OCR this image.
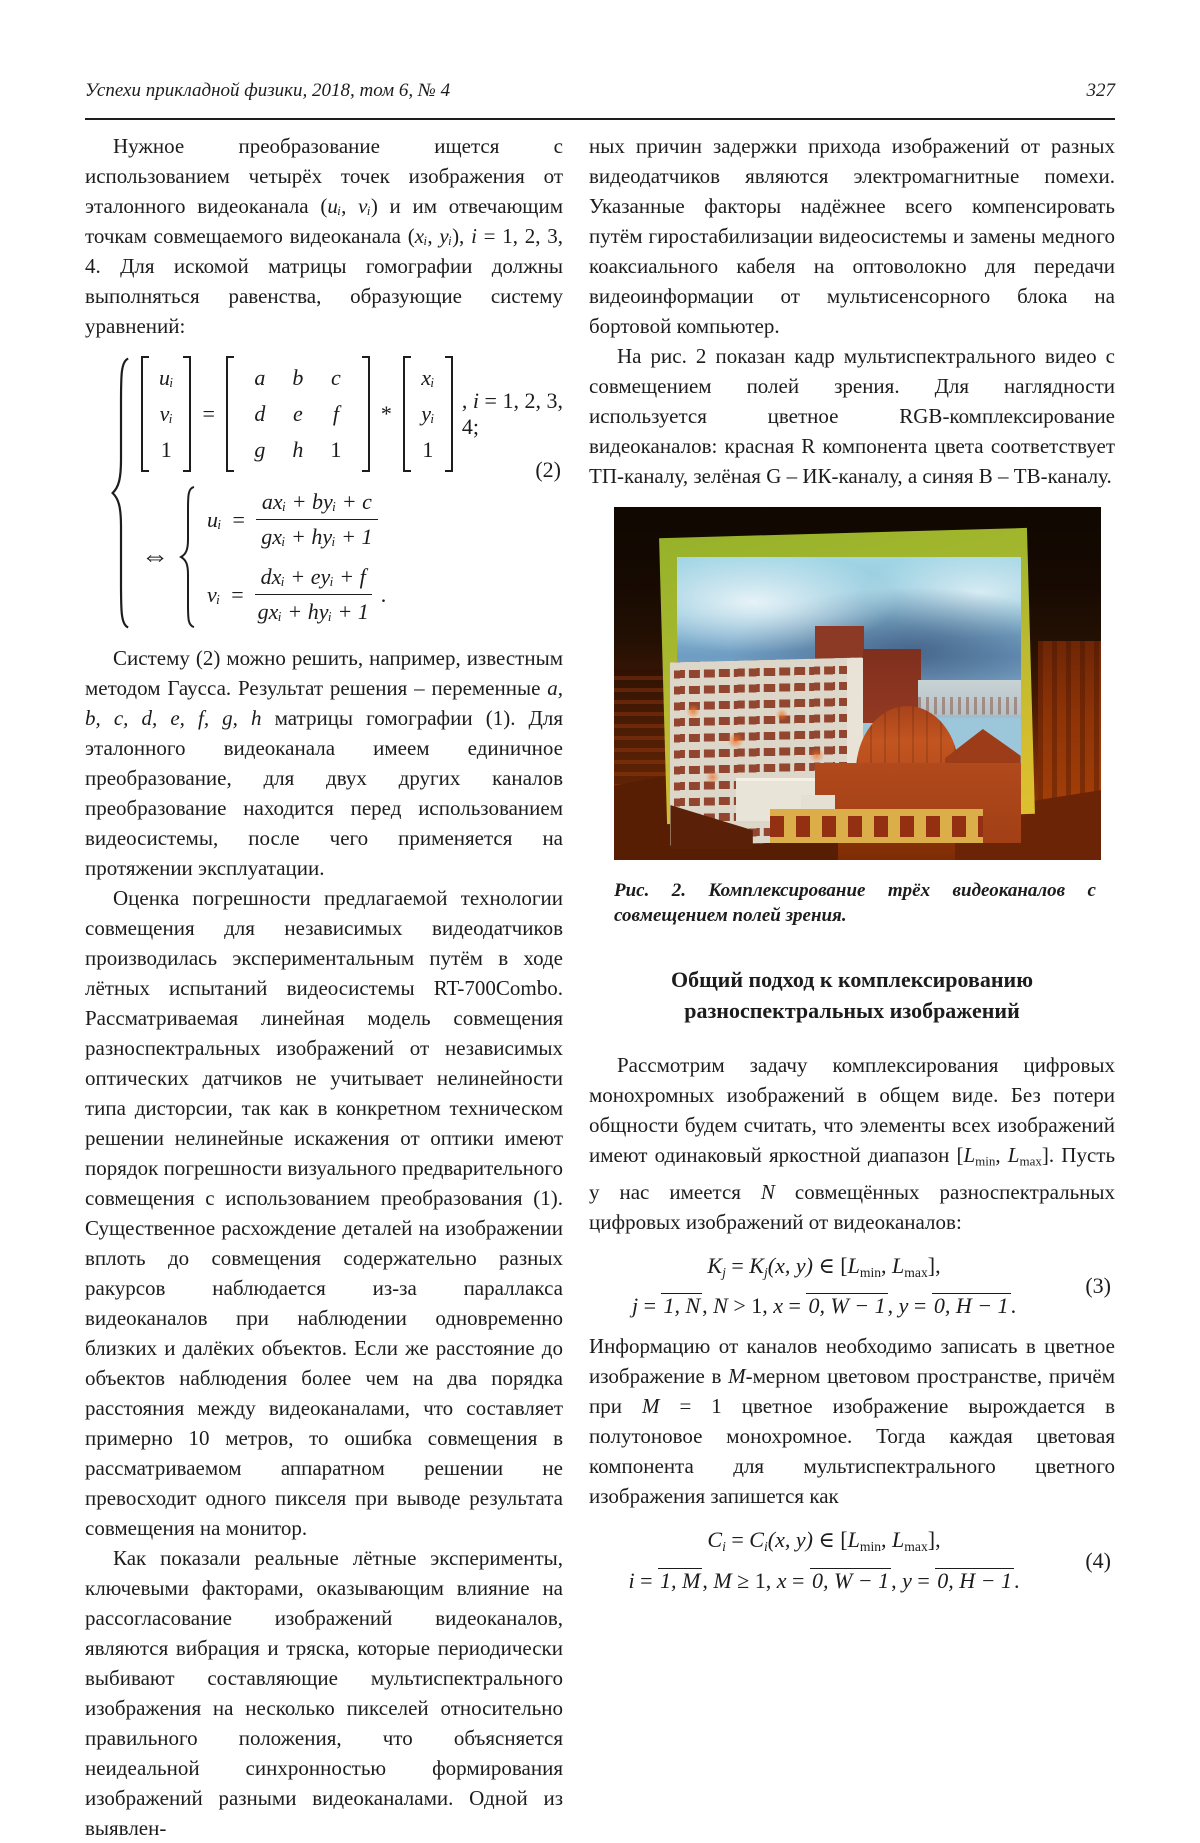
Успехи прикладной физики, 2018, том 6, № 4	327

Нужное преобразование ищется с использованием четырёх точек изображения от эталонного видеоканала (uᵢ, vᵢ) и им отвечающим точкам совмещаемого видеоканала (xᵢ, yᵢ), i = 1, 2, 3, 4. Для искомой матрицы гомографии должны выполняться равенства, образующие систему уравнений:

uᵢ
vᵢ
1
=
a	b	c
d	e	f
g	h	1
*
xᵢ
yᵢ
1
, i = 1, 2, 3, 4;
⇔
uᵢ = $\frac{\text{axᵢ + byᵢ + c}}{\text{gxᵢ + hyᵢ + 1}}$
vᵢ = $\frac{\text{dxᵢ + eyᵢ + f}}{\text{gxᵢ + hyᵢ + 1}}$ .
(2)

Систему (2) можно решить, например, известным методом Гаусса. Результат решения – переменные a, b, c, d, e, f, g, h матрицы гомографии (1). Для эталонного видеоканала имеем единичное преобразование, для двух других каналов преобразование находится перед использованием видеосистемы, после чего применяется на протяжении эксплуатации.

Оценка погрешности предлагаемой технологии совмещения для независимых видеодатчиков производилась экспериментальным путём в ходе лётных испытаний видеосистемы RT-700Combo. Рассматриваемая линейная модель совмещения разноспектральных изображений от независимых оптических датчиков не учитывает нелинейности типа дисторсии, так как в конкретном техническом решении нелинейные искажения от оптики имеют порядок погрешности визуального предварительного совмещения с использованием преобразования (1). Существенное расхождение деталей на изображении вплоть до совмещения содержательно разных ракурсов наблюдается из-за параллакса видеоканалов при наблюдении одновременно близких и далёких объектов. Если же расстояние до объектов наблюдения более чем на два порядка расстояния между видеоканалами, что составляет примерно 10 метров, то ошибка совмещения в рассматриваемом аппаратном решении не превосходит одного пикселя при выводе результата совмещения на монитор.

Как показали реальные лётные эксперименты, ключевыми факторами, оказывающим влияние на рассогласование изображений видеоканалов, являются вибрация и тряска, которые периодически выбивают составляющие мультиспектрального изображения на несколько пикселей относительно правильного положения, что объясняется неидеальной синхронностью формирования изображений разными видеоканалами. Одной из выявлен-

ных причин задержки прихода изображений от разных видеодатчиков являются электромагнитные помехи. Указанные факторы надёжнее всего компенсировать путём гиростабилизации видеосистемы и замены медного коаксиального кабеля на оптоволокно для передачи видеоинформации от мультисенсорного блока на бортовой компьютер.

На рис. 2 показан кадр мультиспектрального видео с совмещением полей зрения. Для наглядности используется цветное RGB-комплексирование видеоканалов: красная R компонента цвета соответствует ТП-каналу, зелёная G – ИК-каналу, а синяя B – ТВ-каналу.

Рис. 2. Комплексирование трёх видеоканалов с совмещением полей зрения.
Общий подход к комплексированию
разноспектральных изображений

Рассмотрим задачу комплексирования цифровых монохромных изображений в общем виде. Без потери общности будем считать, что элементы всех изображений имеют одинаковый яркостной диапазон [$L_{min}$, $L_{max}$]. Пусть у нас имеется N совмещённых разноспектральных цифровых изображений от видеоканалов:

$K_j = K_j(x$, y) ∈ [$L_{min}$, $L_{max}$],
j = 1, N, N > 1, x = 0, W − 1, y = 0, H − 1.
(3)

Информацию от каналов необходимо записать в цветное изображение в M-мерном цветовом пространстве, причём при M = 1 цветное изображение вырождается в полутоновое монохромное. Тогда каждая цветовая компонента для мультиспектрального цветного изображения запишется как

$C_i = C_i(x$, y) ∈ [$L_{min}$, $L_{max}$],
i = 1, M, M ≥ 1, x = 0, W − 1, y = 0, H − 1.
(4)
